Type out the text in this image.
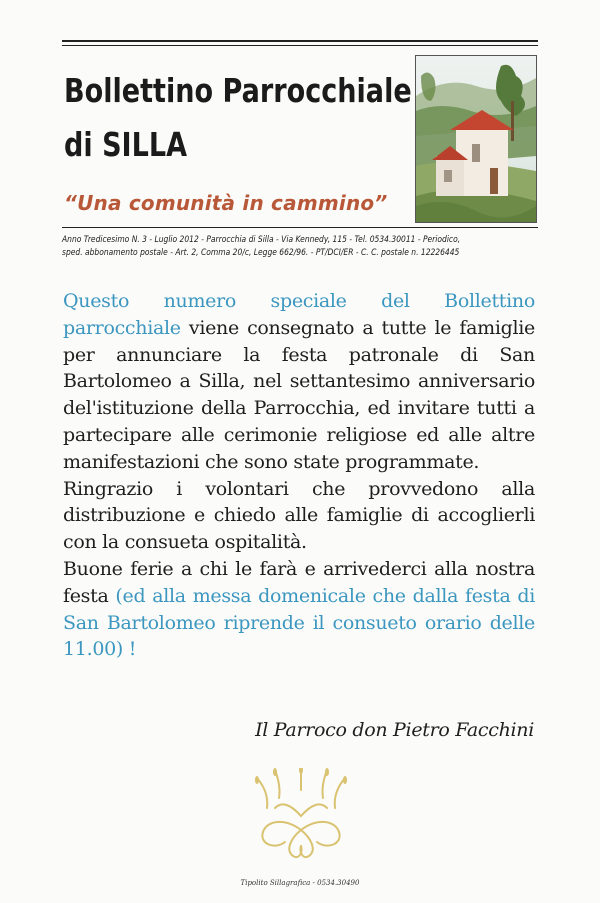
Bollettino Parrocchiale
di SILLA
“Una comunità in cammino”
Anno Tredicesimo N. 3 - Luglio 2012 - Parrocchia di Silla - Via Kennedy, 115 - Tel. 0534.30011 - Periodico,
sped. abbonamento postale - Art. 2, Comma 20/c, Legge 662/96. - PT/DCI/ER - C. C. postale n. 12226445

Questo numero speciale del Bollettino parrocchiale viene consegnato a tutte le famiglie per annunciare la festa patronale di San Bartolomeo a Silla, nel settantesimo anniversario del'istituzione della Parrocchia, ed invitare tutti a partecipare alle cerimonie religiose ed alle altre manifestazioni che sono state programmate.

Ringrazio i volontari che provvedono alla distribuzione e chiedo alle famiglie di accoglierli con la consueta ospitalità.

Buone ferie a chi le farà e arrivederci alla nostra festa (ed alla messa domenicale che dalla festa di San Bartolomeo riprende il consueto orario delle 11.00) !

Il Parroco don Pietro Facchini
Tipolito Sillagrafica - 0534.30490
